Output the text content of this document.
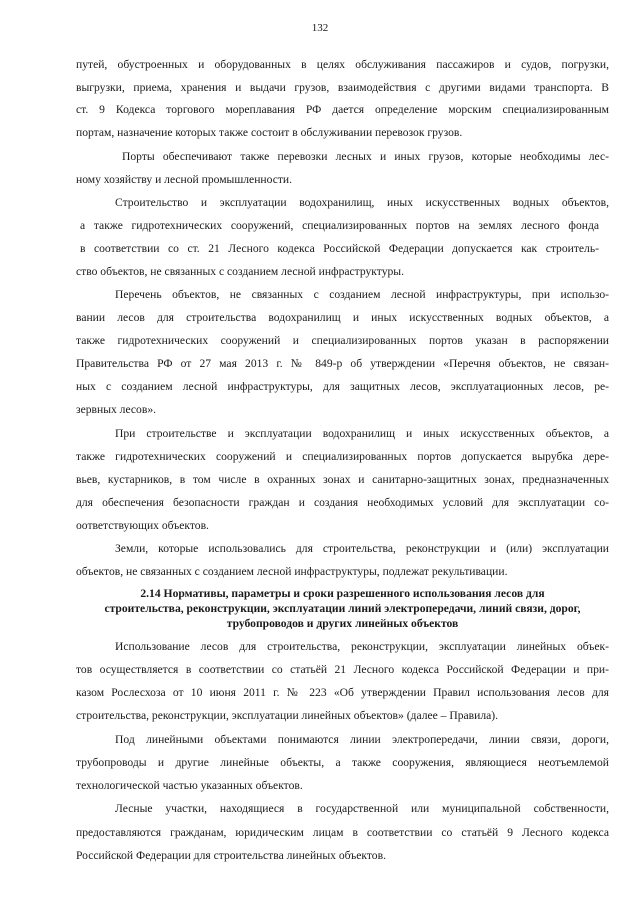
132
путей, обустроенных и оборудованных в целях обслуживания пассажиров и судов, погрузки,
выгрузки, приема, хранения и выдачи грузов, взаимодействия с другими видами транспорта. В
ст. 9 Кодекса торгового мореплавания РФ дается определение морским специализированным
портам, назначение которых также состоит в обслуживании перевозок грузов.
Порты обеспечивают также перевозки лесных и иных грузов, которые необходимы лес-
ному хозяйству и лесной промышленности.
Строительство и эксплуатации водохранилищ, иных искусственных водных объектов,
а также гидротехнических сооружений, специализированных портов на землях лесного фонда
в соответствии со ст. 21 Лесного кодекса Российской Федерации допускается как строитель-
ство объектов, не связанных с созданием лесной инфраструктуры.
Перечень объектов, не связанных с созданием лесной инфраструктуры, при использо-
вании лесов для строительства водохранилищ и иных искусственных водных объектов, а
также гидротехнических сооружений и специализированных портов указан в распоряжении
Правительства РФ от 27 мая 2013 г. № 849-р об утверждении «Перечня объектов, не связан-
ных с созданием лесной инфраструктуры, для защитных лесов, эксплуатационных лесов, ре-
зервных лесов».
При строительстве и эксплуатации водохранилищ и иных искусственных объектов, а
также гидротехнических сооружений и специализированных портов допускается вырубка дере-
вьев, кустарников, в том числе в охранных зонах и санитарно-защитных зонах, предназначенных
для обеспечения безопасности граждан и создания необходимых условий для эксплуатации со-
оответствующих объектов.
Земли, которые использовались для строительства, реконструкции и (или) эксплуатации
объектов, не связанных с созданием лесной инфраструктуры, подлежат рекультивации.
2.14 Нормативы, параметры и сроки разрешенного использования лесов для
строительства, реконструкции, эксплуатации линий электропередачи, линий связи, дорог,
трубопроводов и других линейных объектов
Использование лесов для строительства, реконструкции, эксплуатации линейных объек-
тов осуществляется в соответствии со статьёй 21 Лесного кодекса Российской Федерации и при-
казом Рослесхоза от 10 июня 2011 г. № 223 «Об утверждении Правил использования лесов для
строительства, реконструкции, эксплуатации линейных объектов» (далее – Правила).
Под линейными объектами понимаются линии электропередачи, линии связи, дороги,
трубопроводы и другие линейные объекты, а также сооружения, являющиеся неотъемлемой
технологической частью указанных объектов.
Лесные участки, находящиеся в государственной или муниципальной собственности,
предоставляются гражданам, юридическим лицам в соответствии со статьёй 9 Лесного кодекса
Российской Федерации для строительства линейных объектов.
